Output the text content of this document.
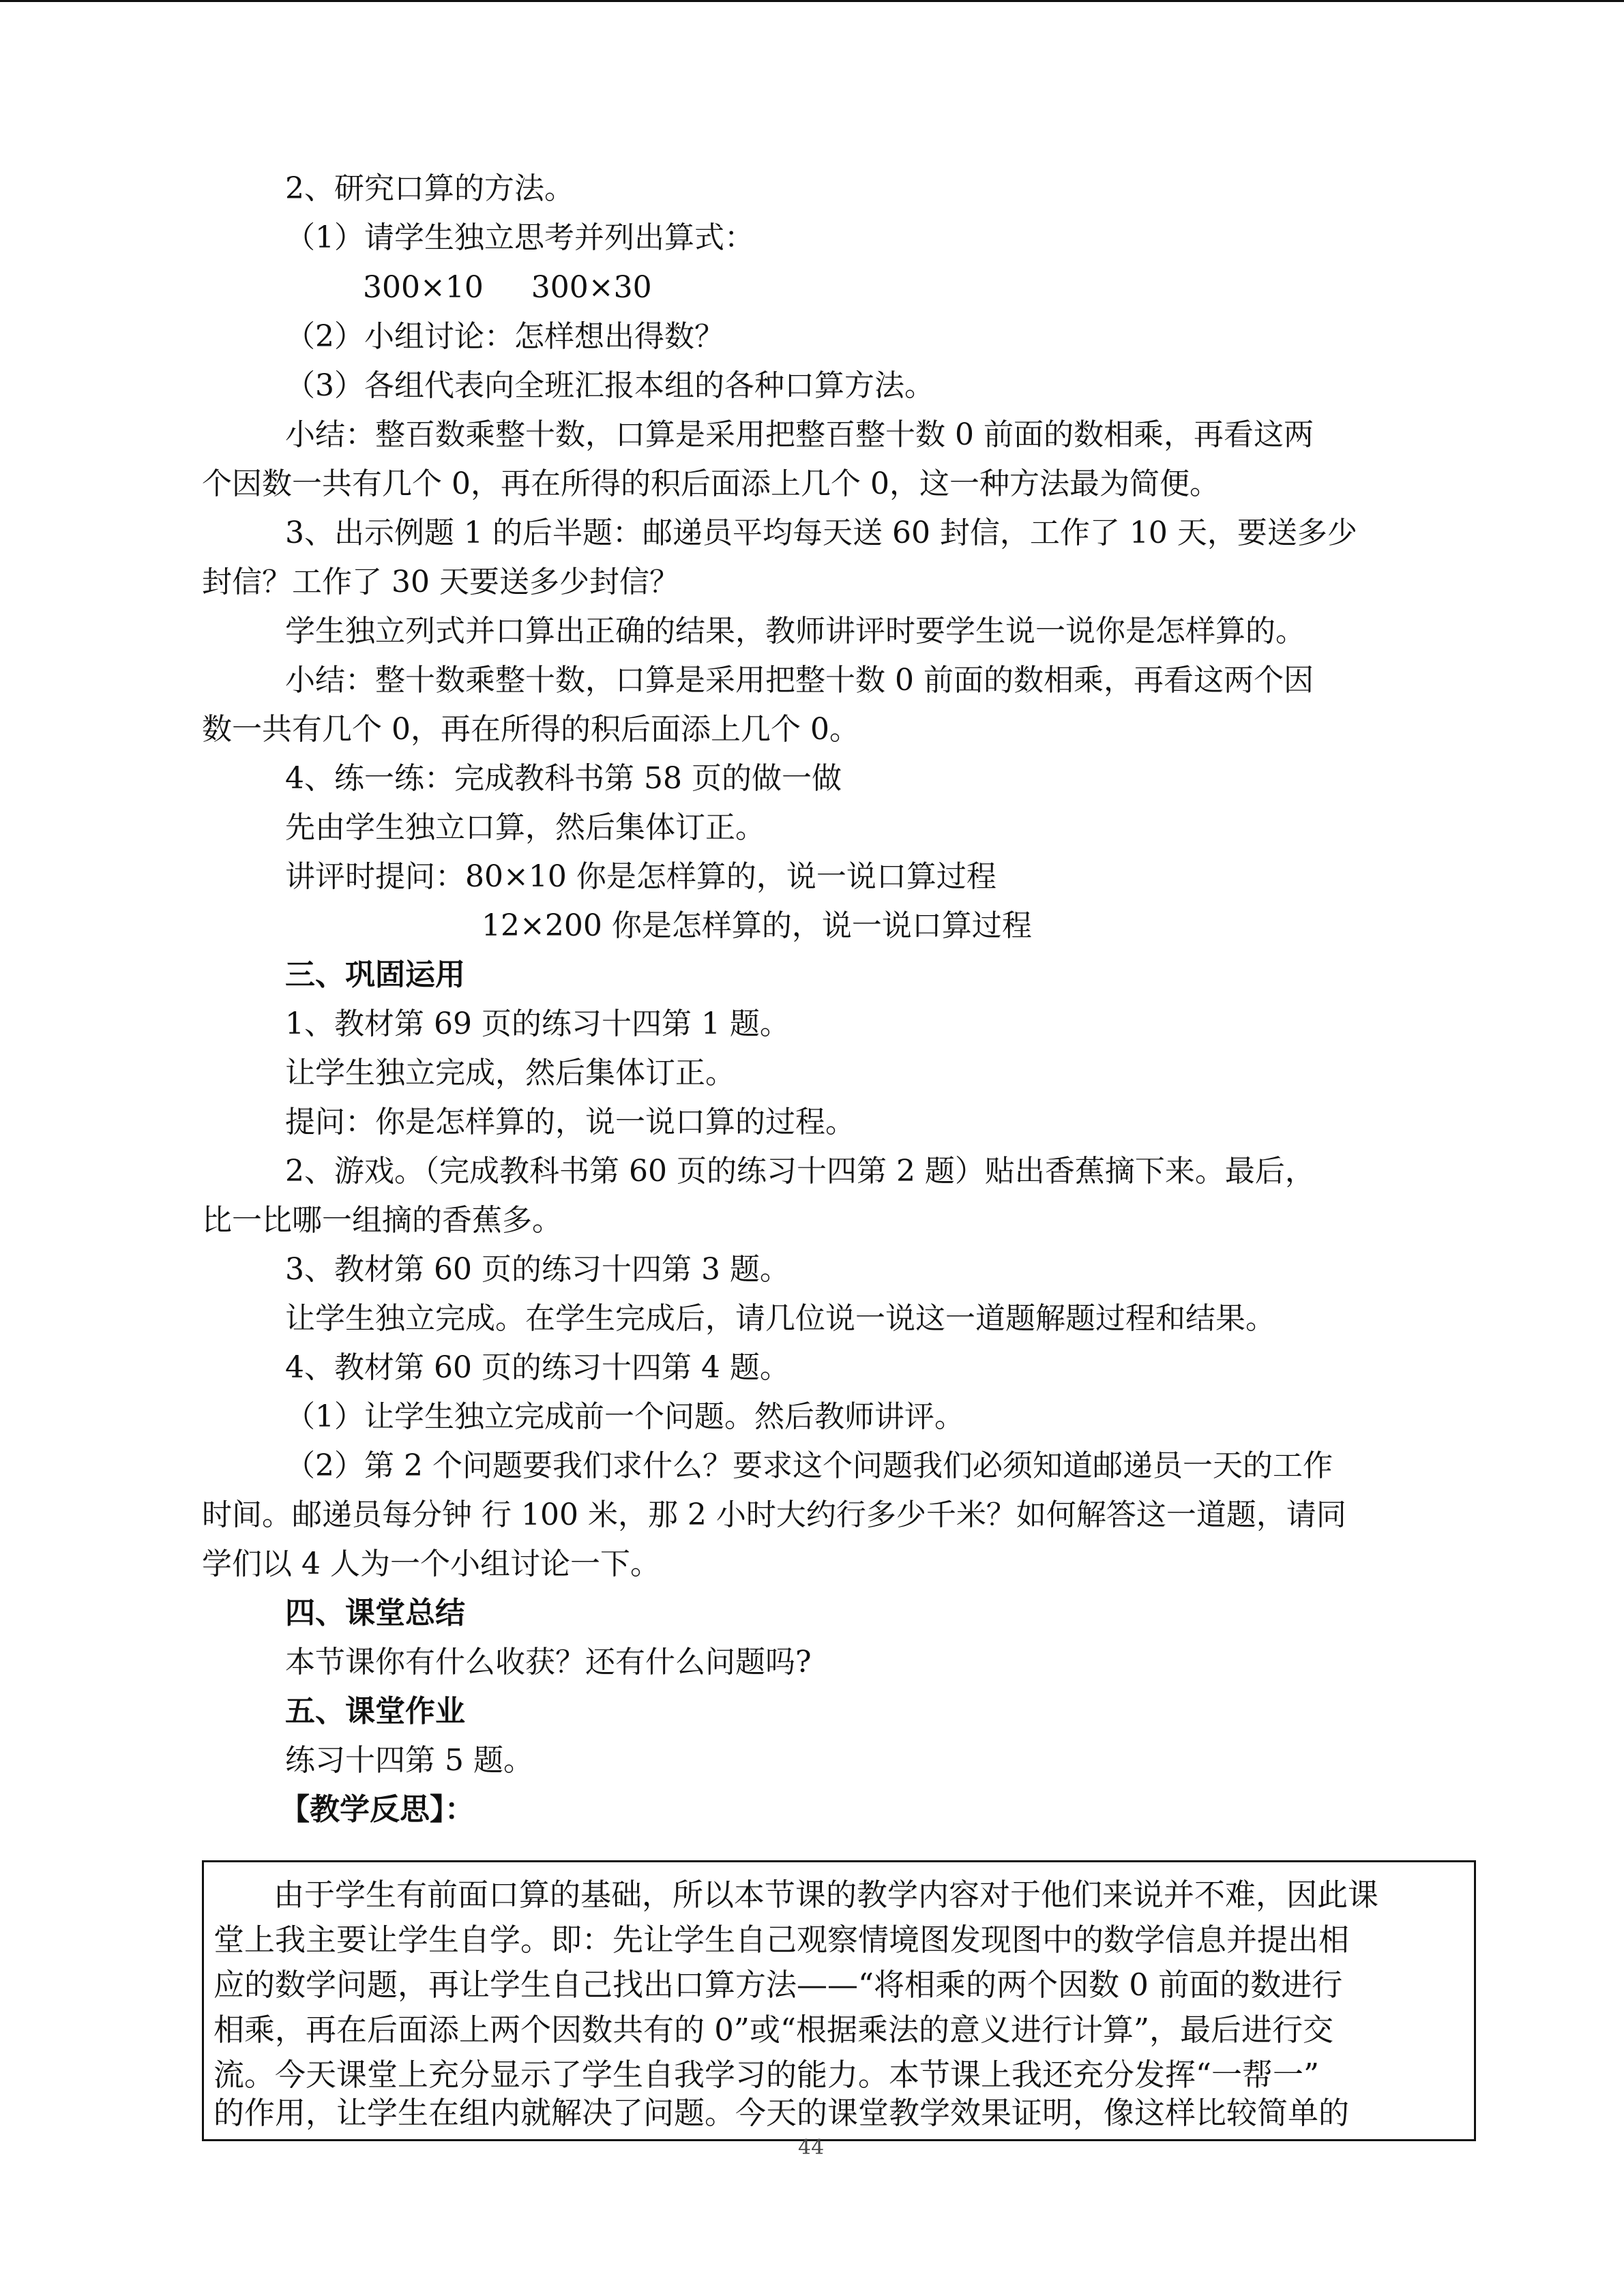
2、研究口算的方法。
（1）请学生独立思考并列出算式：
300×10     300×30
（2）小组讨论：怎样想出得数？
（3）各组代表向全班汇报本组的各种口算方法。
小结：整百数乘整十数，口算是采用把整百整十数 0 前面的数相乘，再看这两
个因数一共有几个 0，再在所得的积后面添上几个 0，这一种方法最为简便。
3、出示例题 1 的后半题：邮递员平均每天送 60 封信，工作了 10 天，要送多少
封信？工作了 30 天要送多少封信？
学生独立列式并口算出正确的结果，教师讲评时要学生说一说你是怎样算的。
小结：整十数乘整十数，口算是采用把整十数 0 前面的数相乘，再看这两个因
数一共有几个 0，再在所得的积后面添上几个 0。
4、练一练：完成教科书第 58 页的做一做
先由学生独立口算，然后集体订正。
讲评时提问：80×10 你是怎样算的，说一说口算过程
12×200 你是怎样算的，说一说口算过程
三、巩固运用
1、教材第 69 页的练习十四第 1 题。
让学生独立完成，然后集体订正。
提问：你是怎样算的，说一说口算的过程。
2、游戏。（完成教科书第 60 页的练习十四第 2 题）贴出香蕉摘下来。最后，
比一比哪一组摘的香蕉多。
3、教材第 60 页的练习十四第 3 题。
让学生独立完成。在学生完成后，请几位说一说这一道题解题过程和结果。
4、教材第 60 页的练习十四第 4 题。
（1）让学生独立完成前一个问题。然后教师讲评。
（2）第 2 个问题要我们求什么？要求这个问题我们必须知道邮递员一天的工作
时间。邮递员每分钟 行 100 米，那 2 小时大约行多少千米？如何解答这一道题，请同
学们以 4 人为一个小组讨论一下。
四、课堂总结
本节课你有什么收获？还有什么问题吗?
五、课堂作业
练习十四第 5 题。
【教学反思】：
由于学生有前面口算的基础，所以本节课的教学内容对于他们来说并不难，因此课
堂上我主要让学生自学。即：先让学生自己观察情境图发现图中的数学信息并提出相
应的数学问题，再让学生自己找出口算方法——“将相乘的两个因数 0 前面的数进行
相乘，再在后面添上两个因数共有的 0”或“根据乘法的意义进行计算”，最后进行交
流。今天课堂上充分显示了学生自我学习的能力。本节课上我还充分发挥“一帮一”
的作用，让学生在组内就解决了问题。今天的课堂教学效果证明，像这样比较简单的
44
